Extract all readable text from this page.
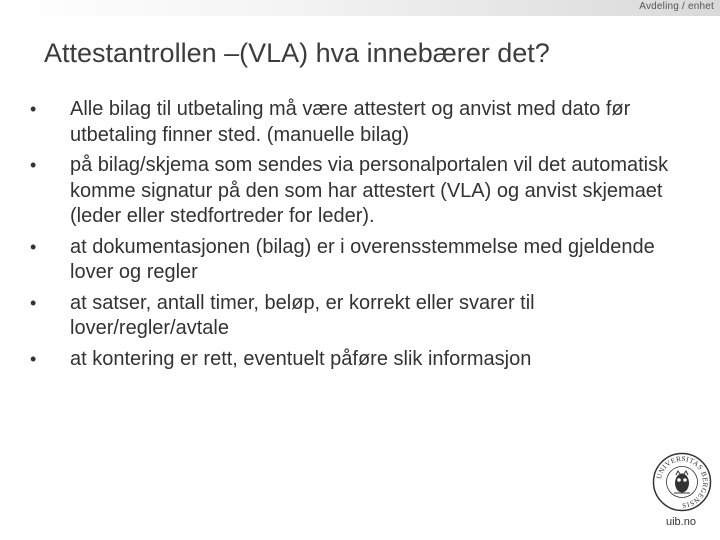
Avdeling / enhet
Attestantrollen –(VLA) hva innebærer det?
•	Alle bilag til utbetaling må være attestert og anvist med dato før utbetaling finner sted. (manuelle bilag)
•	på bilag/skjema som sendes via personalportalen vil det automatisk komme signatur på den som har attestert (VLA) og anvist skjemaet (leder eller stedfortreder for leder).
•	at dokumentasjonen (bilag) er i overensstemmelse med gjeldende lover og regler
•	at satser, antall timer, beløp, er korrekt eller svarer til lover/regler/avtale
•	at kontering er rett, eventuelt påføre slik informasjon
UNIVERSITAS BERGENSIS
uib.no
